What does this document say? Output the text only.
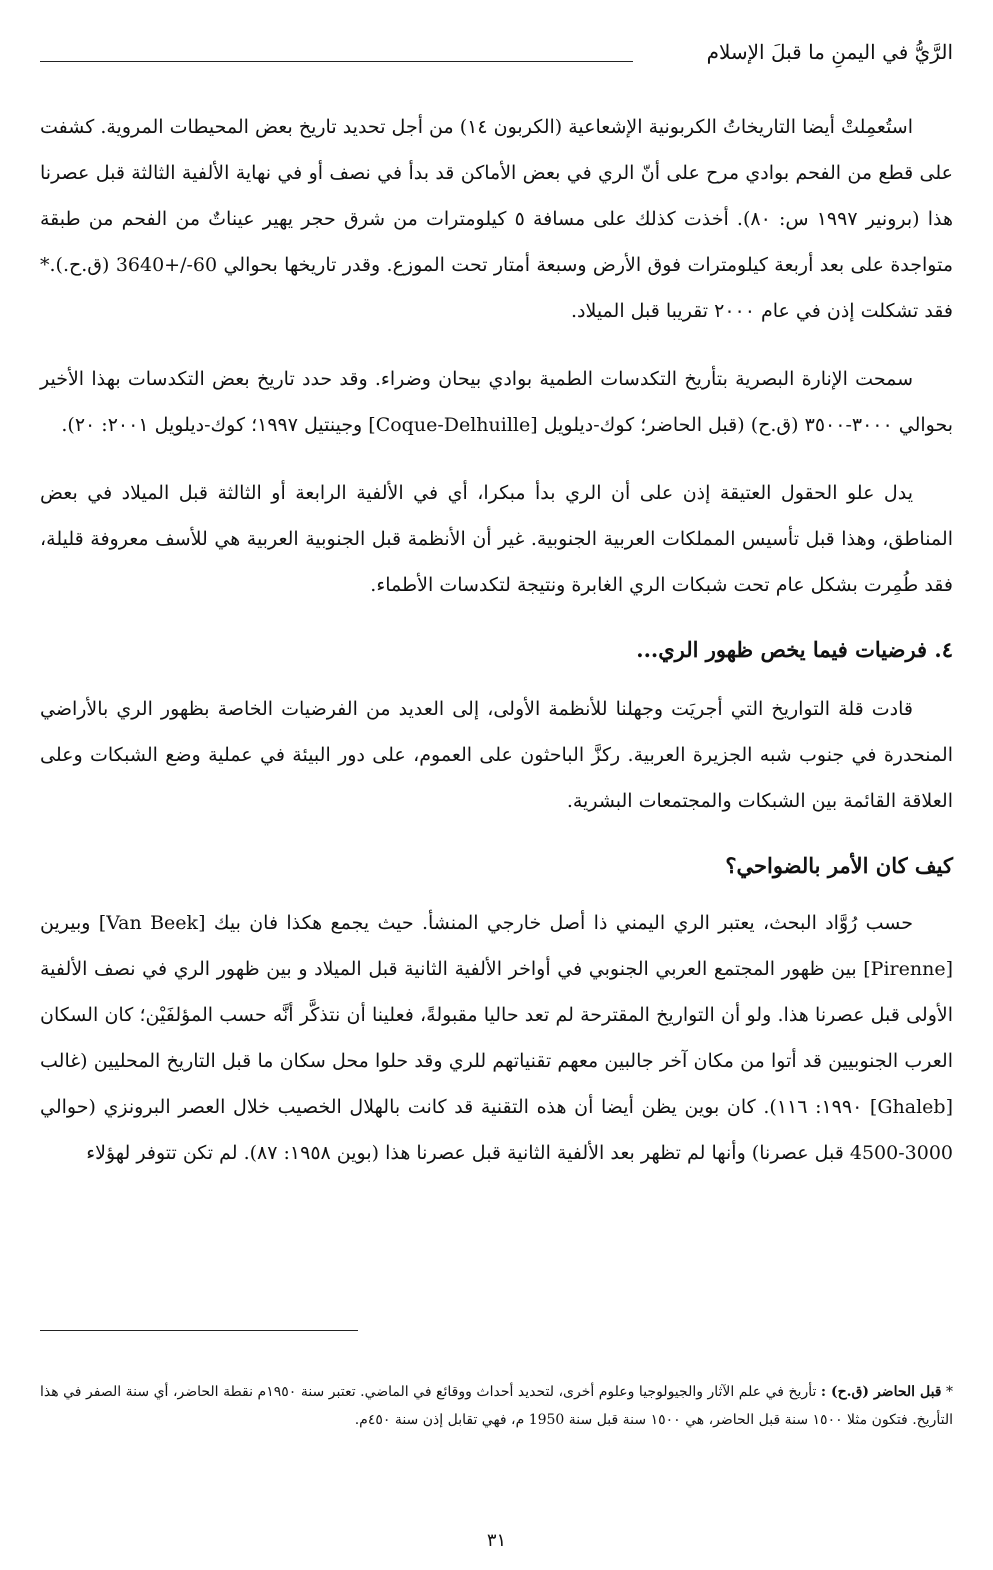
الرَّيُّ في اليمنِ ما قبلَ الإسلام

استُعمِلتْ أيضا التاريخاتُ الكربونية الإشعاعية (الكربون ١٤) من أجل تحديد تاريخ بعض المحيطات المروية. كشفت على قطع من الفحم بوادي مرح على أنّ الري في بعض الأماكن قد بدأ في نصف أو في نهاية الألفية الثالثة قبل عصرنا هذا (برونير ١٩٩٧ س: ٨٠). أخذت كذلك على مسافة ٥ كيلومترات من شرق حجر يهير عيناتٌ من الفحم من طبقة متواجدة على بعد أربعة كيلومترات فوق الأرض وسبعة أمتار تحت الموزع. وقدر تاريخها بحوالي 60-/+3640 (ق.ح.).* فقد تشكلت إذن في عام ٢٠٠٠ تقريبا قبل الميلاد.

سمحت الإنارة البصرية بتأريخ التكدسات الطمية بوادي بيحان وضراء. وقد حدد تاريخ بعض التكدسات بهذا الأخير بحوالي ٣٠٠٠-٣٥٠٠ (ق.ح) (قبل الحاضر؛ كوك-ديلويل [Coque-Delhuille] وجينتيل ١٩٩٧؛ كوك-ديلويل ٢٠٠١: ٢٠).

يدل علو الحقول العتيقة إذن على أن الري بدأ مبكرا، أي في الألفية الرابعة أو الثالثة قبل الميلاد في بعض المناطق، وهذا قبل تأسيس المملكات العربية الجنوبية. غير أن الأنظمة قبل الجنوبية العربية هي للأسف معروفة قليلة، فقد طُمِرت بشكل عام تحت شبكات الري الغابرة ونتيجة لتكدسات الأطماء.

٤. فرضيات فيما يخص ظهور الري...

قادت قلة التواريخ التي أجريَت وجهلنا للأنظمة الأولى، إلى العديد من الفرضيات الخاصة بظهور الري بالأراضي المنحدرة في جنوب شبه الجزيرة العربية. ركزَّ الباحثون على العموم، على دور البيئة في عملية وضع الشبكات وعلى العلاقة القائمة بين الشبكات والمجتمعات البشرية.

كيف كان الأمر بالضواحي؟

حسب رُوَّاد البحث، يعتبر الري اليمني ذا أصل خارجي المنشأ. حيث يجمع هكذا فان بيك [Van Beek] وبيرين [Pirenne] بين ظهور المجتمع العربي الجنوبي في أواخر الألفية الثانية قبل الميلاد و بين ظهور الري في نصف الألفية الأولى قبل عصرنا هذا. ولو أن التواريخ المقترحة لم تعد حاليا مقبولةً، فعلينا أن نتذكَّر أنَّه حسب المؤلفَيْن؛ كان السكان العرب الجنوبيين قد أتوا من مكان آخر جالبين معهم تقنياتهم للري وقد حلوا محل سكان ما قبل التاريخ المحليين (غالب [Ghaleb] ١٩٩٠: ١١٦). كان بوين يظن أيضا أن هذه التقنية قد كانت بالهلال الخصيب خلال العصر البرونزي (حوالي 3000-4500 قبل عصرنا) وأنها لم تظهر بعد الألفية الثانية قبل عصرنا هذا (بوين ١٩٥٨: ٨٧). لم تكن تتوفر لهؤلاء

* قبل الحاضر (ق.ح) : تأريخ في علم الآثار والجيولوجيا وعلوم أخرى، لتحديد أحداث ووقائع في الماضي. تعتبر سنة ١٩٥٠م نقطة الحاضر، أي سنة الصفر في هذا التأريخ. فتكون مثلا ١٥٠٠ سنة قبل الحاضر، هي ١٥٠٠ سنة قبل سنة 1950 م، فهي تقابل إذن سنة ٤٥٠م.
٣١
